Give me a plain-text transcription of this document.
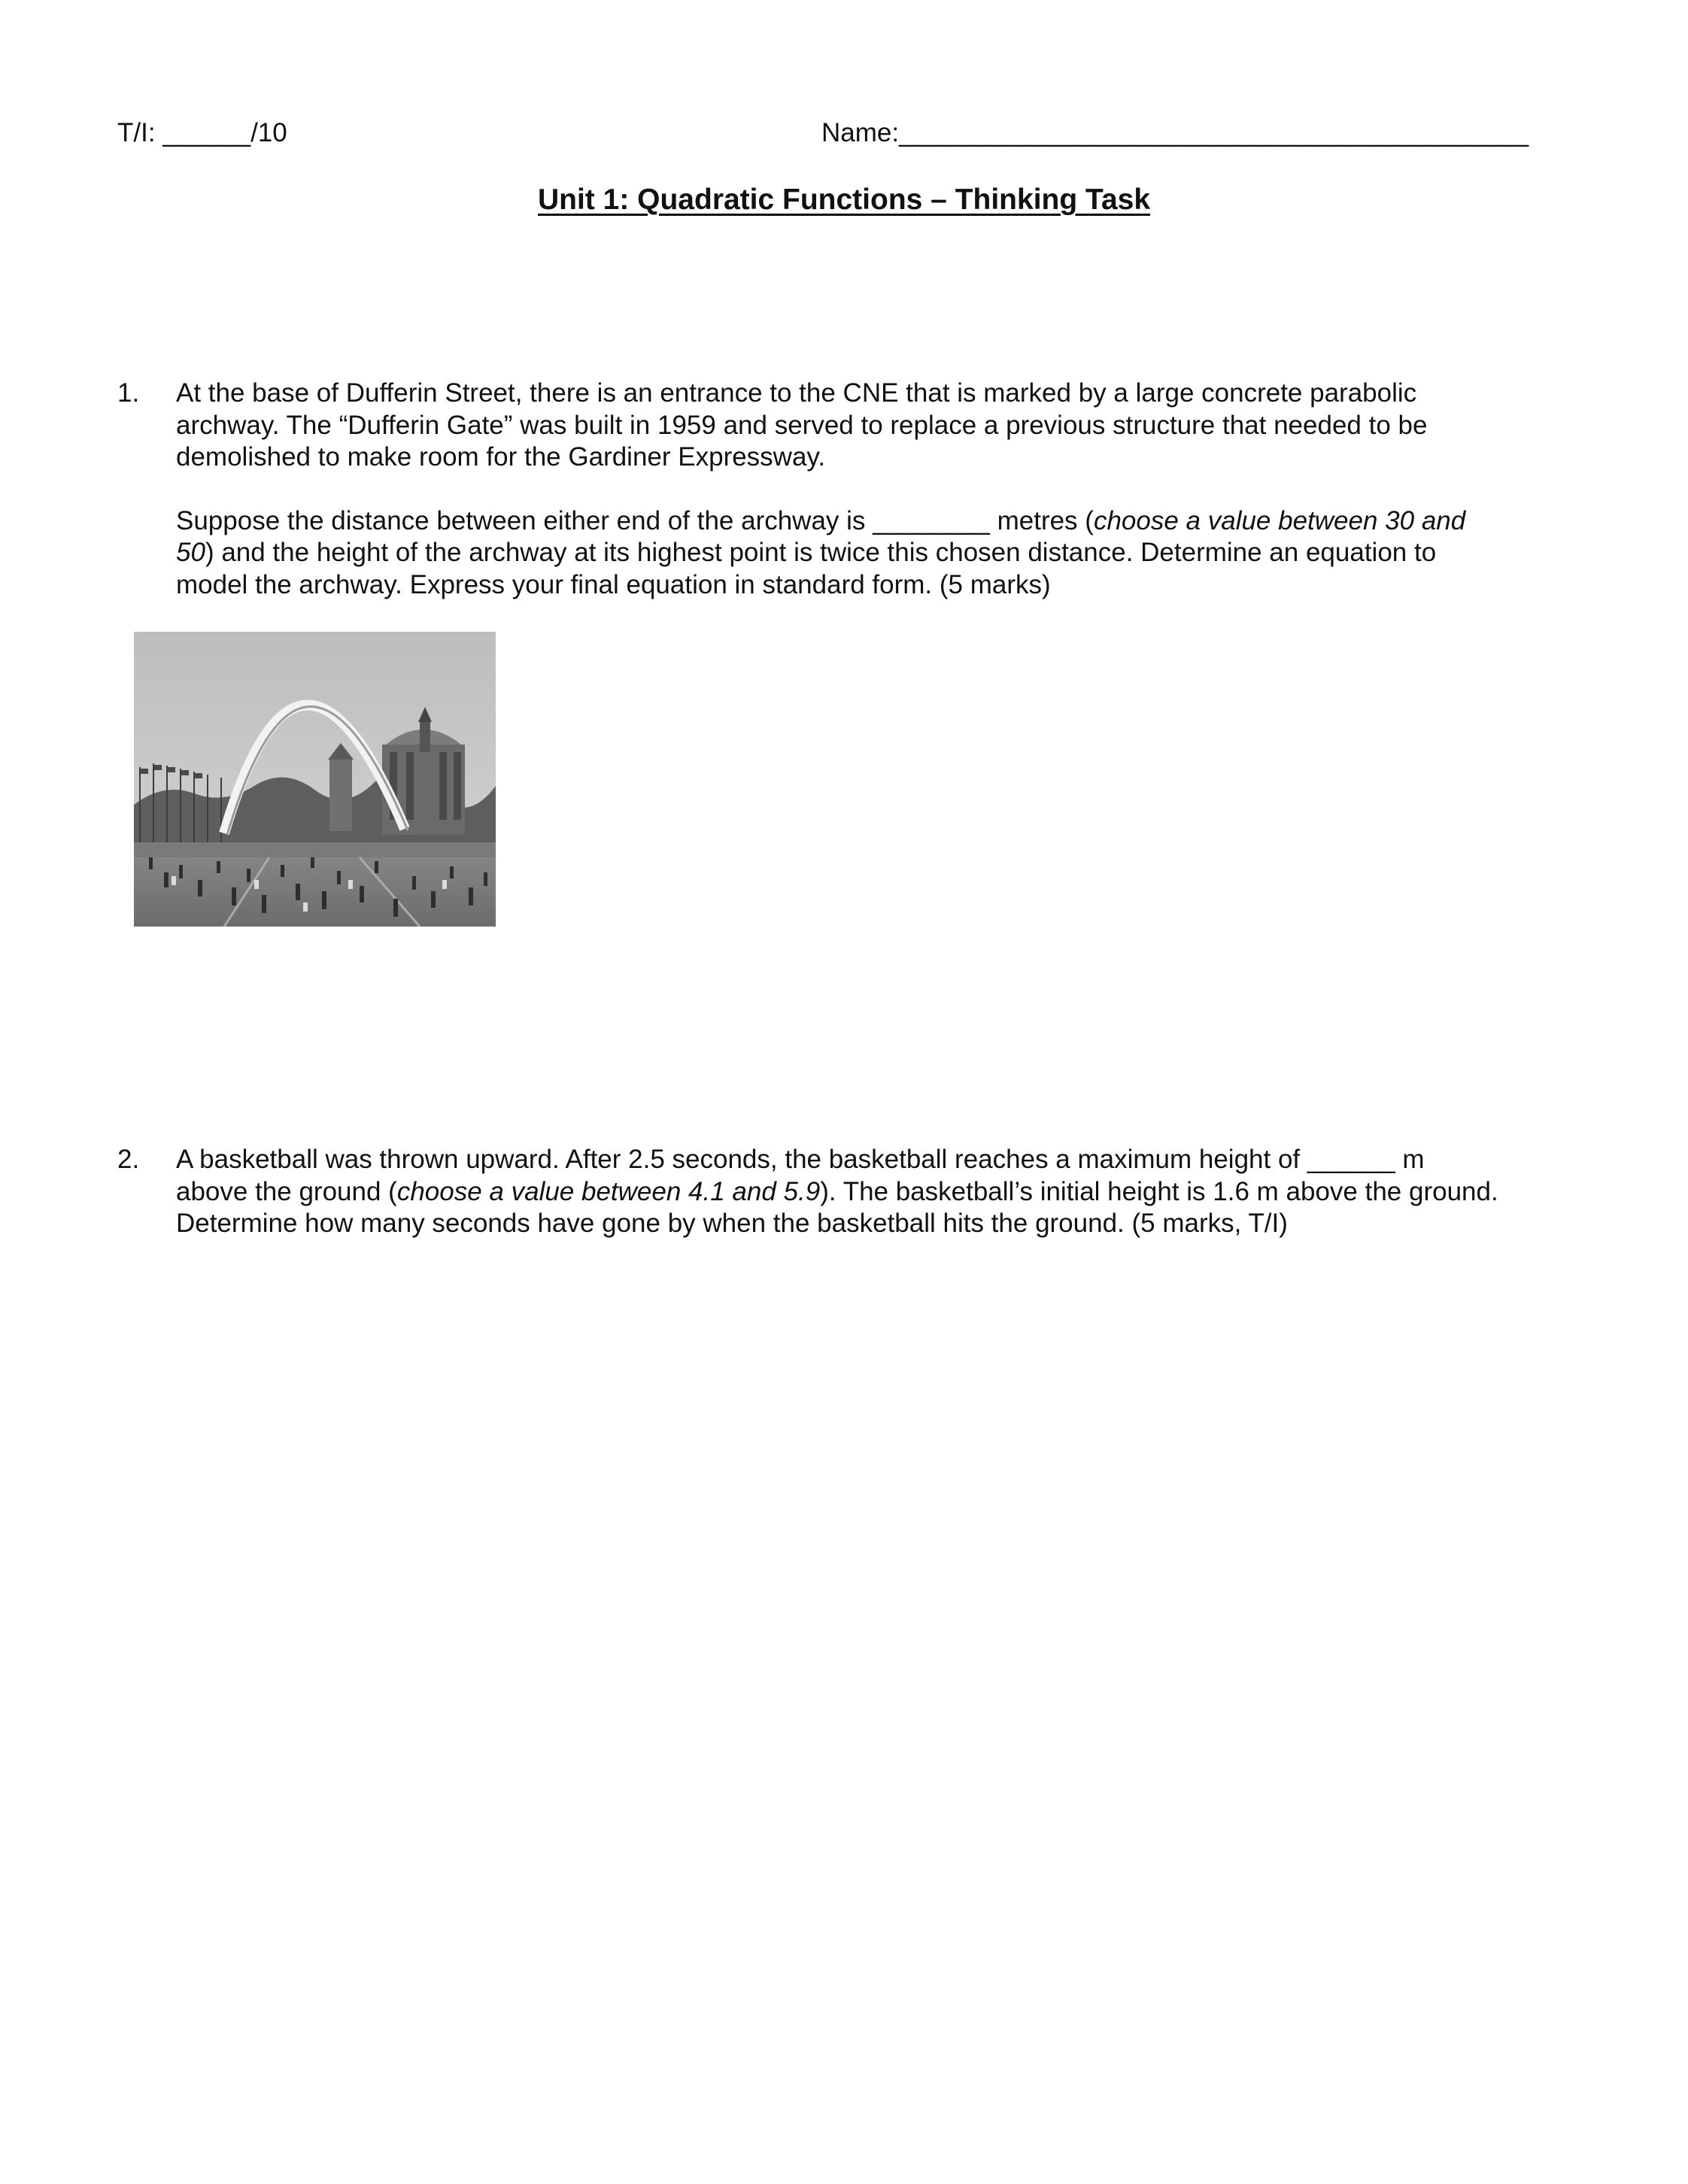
T/I: ______/10	Name:___________________________________________
Unit 1: Quadratic Functions – Thinking Task
1. At the base of Dufferin Street, there is an entrance to the CNE that is marked by a large concrete parabolic

archway. The “Dufferin Gate” was built in 1959 and served to replace a previous structure that needed to be

demolished to make room for the Gardiner Expressway.

Suppose the distance between either end of the archway is ________ metres (choose a value between 30 and

50) and the height of the archway at its highest point is twice this chosen distance. Determine an equation to

model the archway. Express your final equation in standard form. (5 marks)

2. A basketball was thrown upward. After 2.5 seconds, the basketball reaches a maximum height of ______ m

above the ground (choose a value between 4.1 and 5.9). The basketball’s initial height is 1.6 m above the ground.

Determine how many seconds have gone by when the basketball hits the ground. (5 marks, T/I)
